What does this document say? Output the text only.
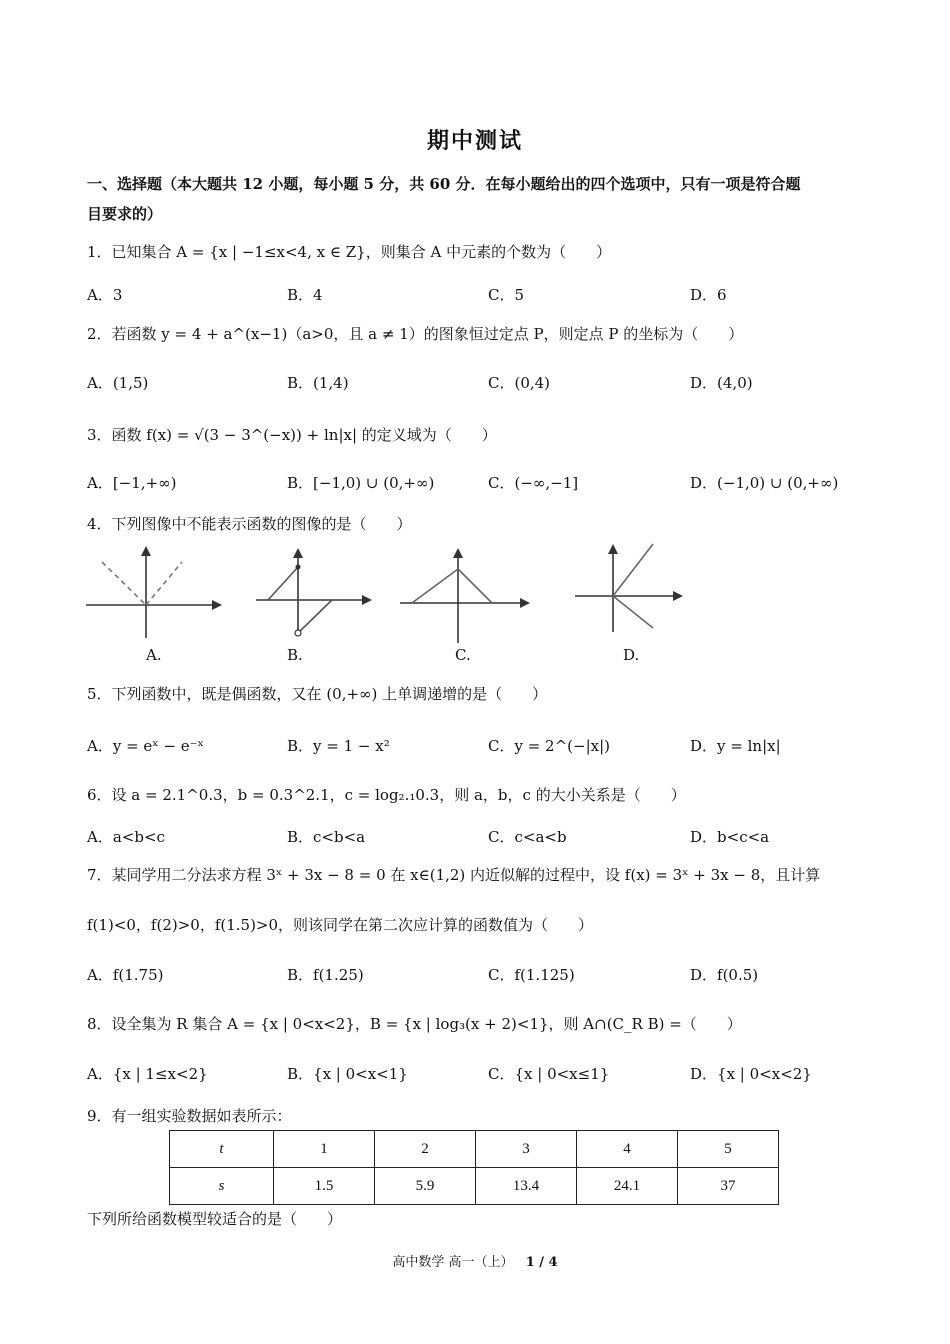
期中测试
一、选择题（本大题共 12 小题，每小题 5 分，共 60 分．在每小题给出的四个选项中，只有一项是符合题
目要求的）
1．已知集合 A = {x | −1≤x<4, x ∈ Z}，则集合 A 中元素的个数为（　　）
A．3	B．4	C．5	D．6
2．若函数 y = 4 + a^(x−1)（a>0，且 a ≠ 1）的图象恒过定点 P，则定点 P 的坐标为（　　）
A．(1,5)	B．(1,4)	C．(0,4)	D．(4,0)
3．函数 f(x) = √(3 − 3^(−x)) + ln|x| 的定义域为（　　）
A．[−1,+∞)	B．[−1,0) ∪ (0,+∞)	C．(−∞,−1]	D．(−1,0) ∪ (0,+∞)
4．下列图像中不能表示函数的图像的是（　　）
A.	B.	C.	D.
5．下列函数中，既是偶函数，又在 (0,+∞) 上单调递增的是（　　）
A．y = eˣ − e⁻ˣ	B．y = 1 − x²	C．y = 2^(−|x|)	D．y = ln|x|
6．设 a = 2.1^0.3，b = 0.3^2.1，c = log₂.₁0.3，则 a，b，c 的大小关系是（　　）
A．a<b<c	B．c<b<a	C．c<a<b	D．b<c<a
7．某同学用二分法求方程 3ˣ + 3x − 8 = 0 在 x∈(1,2) 内近似解的过程中，设 f(x) = 3ˣ + 3x − 8，且计算
f(1)<0，f(2)>0，f(1.5)>0，则该同学在第二次应计算的函数值为（　　）
A．f(1.75)	B．f(1.25)	C．f(1.125)	D．f(0.5)
8．设全集为 R 集合 A = {x | 0<x<2}，B = {x | log₃(x + 2)<1}，则 A∩(C_R B) =（　　）
A．{x | 1≤x<2}	B．{x | 0<x<1}	C．{x | 0<x≤1}	D．{x | 0<x<2}
9．有一组实验数据如表所示：
t	1	2	3	4	5
s	1.5	5.9	13.4	24.1	37
下列所给函数模型较适合的是（　　）
高中数学 高一（上） 1 / 4
